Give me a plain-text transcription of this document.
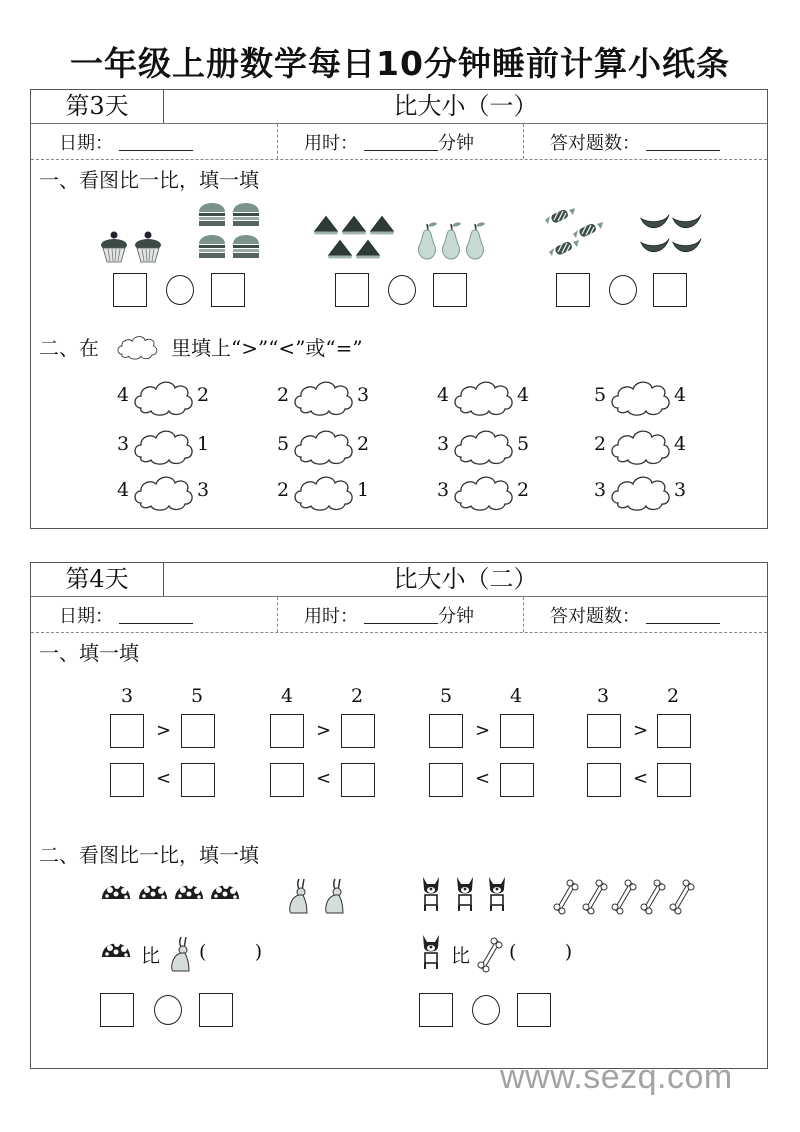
一年级上册数学每日10分钟睡前计算小纸条
第3天	比大小（一）
日期：	用时：	分钟	答对题数：
一、看图比一比，填一填
二、在	里填上“>”“<”或“=”
4	2	2	3	4	4	5	4
3	1	5	2	3	5	2	4
4	3	2	1	3	2	3	3
第4天	比大小（二）
日期：	用时：	分钟	答对题数：
一、填一填
3	5
>
<
4	2
>
<
5	4
>
<
3	2
>
<
二、看图比一比，填一填
比 (        )	比 (        )
www.sezq.com
